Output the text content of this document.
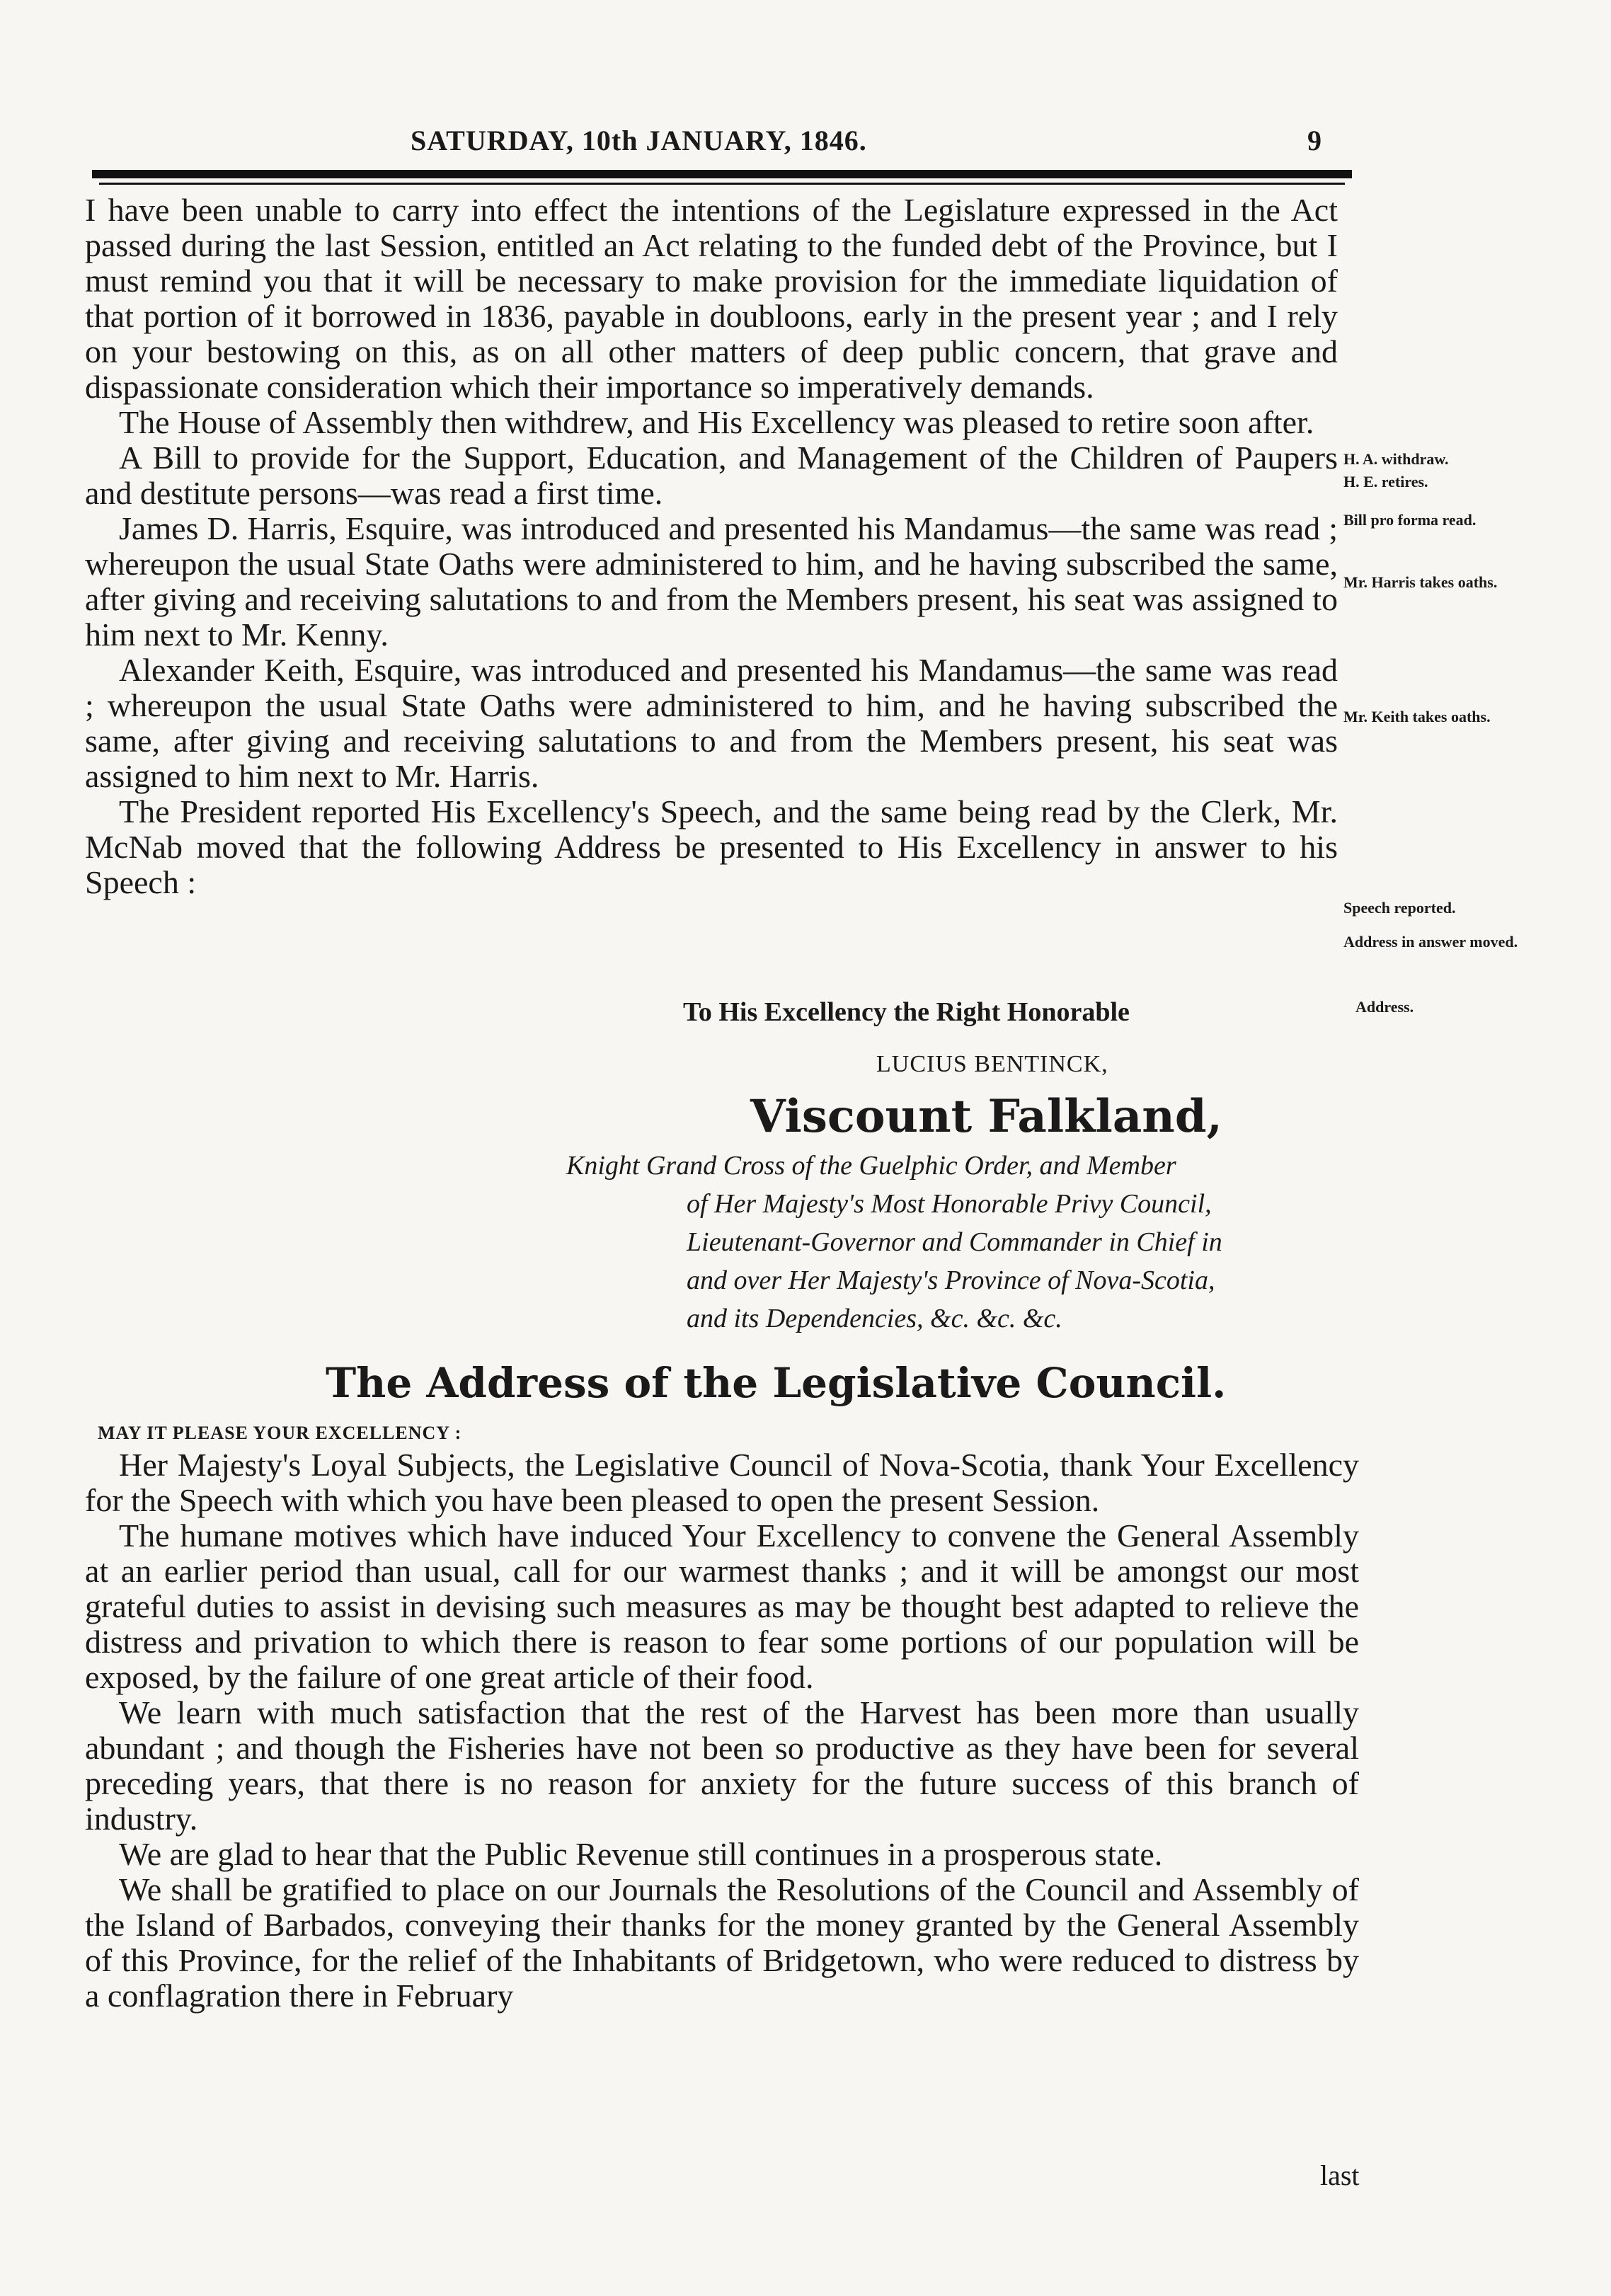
SATURDAY, 10th JANUARY, 1846.	9

I have been unable to carry into effect the intentions of the Legislature expressed in the Act passed during the last Session, entitled an Act relating to the funded debt of the Province, but I must remind you that it will be necessary to make provision for the immediate liquidation of that portion of it borrowed in 1836, payable in doubloons, early in the present year ; and I rely on your bestowing on this, as on all other matters of deep public concern, that grave and dispassionate consideration which their importance so imperatively demands.

The House of Assembly then withdrew, and His Excellency was pleased to retire soon after.

A Bill to provide for the Support, Education, and Management of the Children of Paupers and destitute persons—was read a first time.

James D. Harris, Esquire, was introduced and presented his Mandamus—the same was read ; whereupon the usual State Oaths were administered to him, and he having subscribed the same, after giving and receiving salutations to and from the Members present, his seat was assigned to him next to Mr. Kenny.

Alexander Keith, Esquire, was introduced and presented his Mandamus—the same was read ; whereupon the usual State Oaths were administered to him, and he having subscribed the same, after giving and receiving salutations to and from the Members present, his seat was assigned to him next to Mr. Harris.

The President reported His Excellency's Speech, and the same being read by the Clerk, Mr. McNab moved that the following Address be presented to His Excellency in answer to his Speech :

H. A. withdraw.
H. E. retires.
Bill pro forma read.
Mr. Harris takes oaths.
Mr. Keith takes oaths.
Speech reported.
Address in answer moved.
Address.
To His Excellency the Right Honorable
LUCIUS BENTINCK,
Viscount Falkland,
Knight Grand Cross of the Guelphic Order, and Member
of Her Majesty's Most Honorable Privy Council,
Lieutenant-Governor and Commander in Chief in
and over Her Majesty's Province of Nova-Scotia,
and its Dependencies, &c. &c. &c.
The Address of the Legislative Council.
MAY IT PLEASE YOUR EXCELLENCY :

Her Majesty's Loyal Subjects, the Legislative Council of Nova-Scotia, thank Your Excellency for the Speech with which you have been pleased to open the present Session.

The humane motives which have induced Your Excellency to convene the General Assembly at an earlier period than usual, call for our warmest thanks ; and it will be amongst our most grateful duties to assist in devising such measures as may be thought best adapted to relieve the distress and privation to which there is reason to fear some portions of our population will be exposed, by the failure of one great article of their food.

We learn with much satisfaction that the rest of the Harvest has been more than usually abundant ; and though the Fisheries have not been so productive as they have been for several preceding years, that there is no reason for anxiety for the future success of this branch of industry.

We are glad to hear that the Public Revenue still continues in a prosperous state.

We shall be gratified to place on our Journals the Resolutions of the Council and Assembly of the Island of Barbados, conveying their thanks for the money granted by the General Assembly of this Province, for the relief of the Inhabitants of Bridgetown, who were reduced to distress by a conflagration there in February

last
